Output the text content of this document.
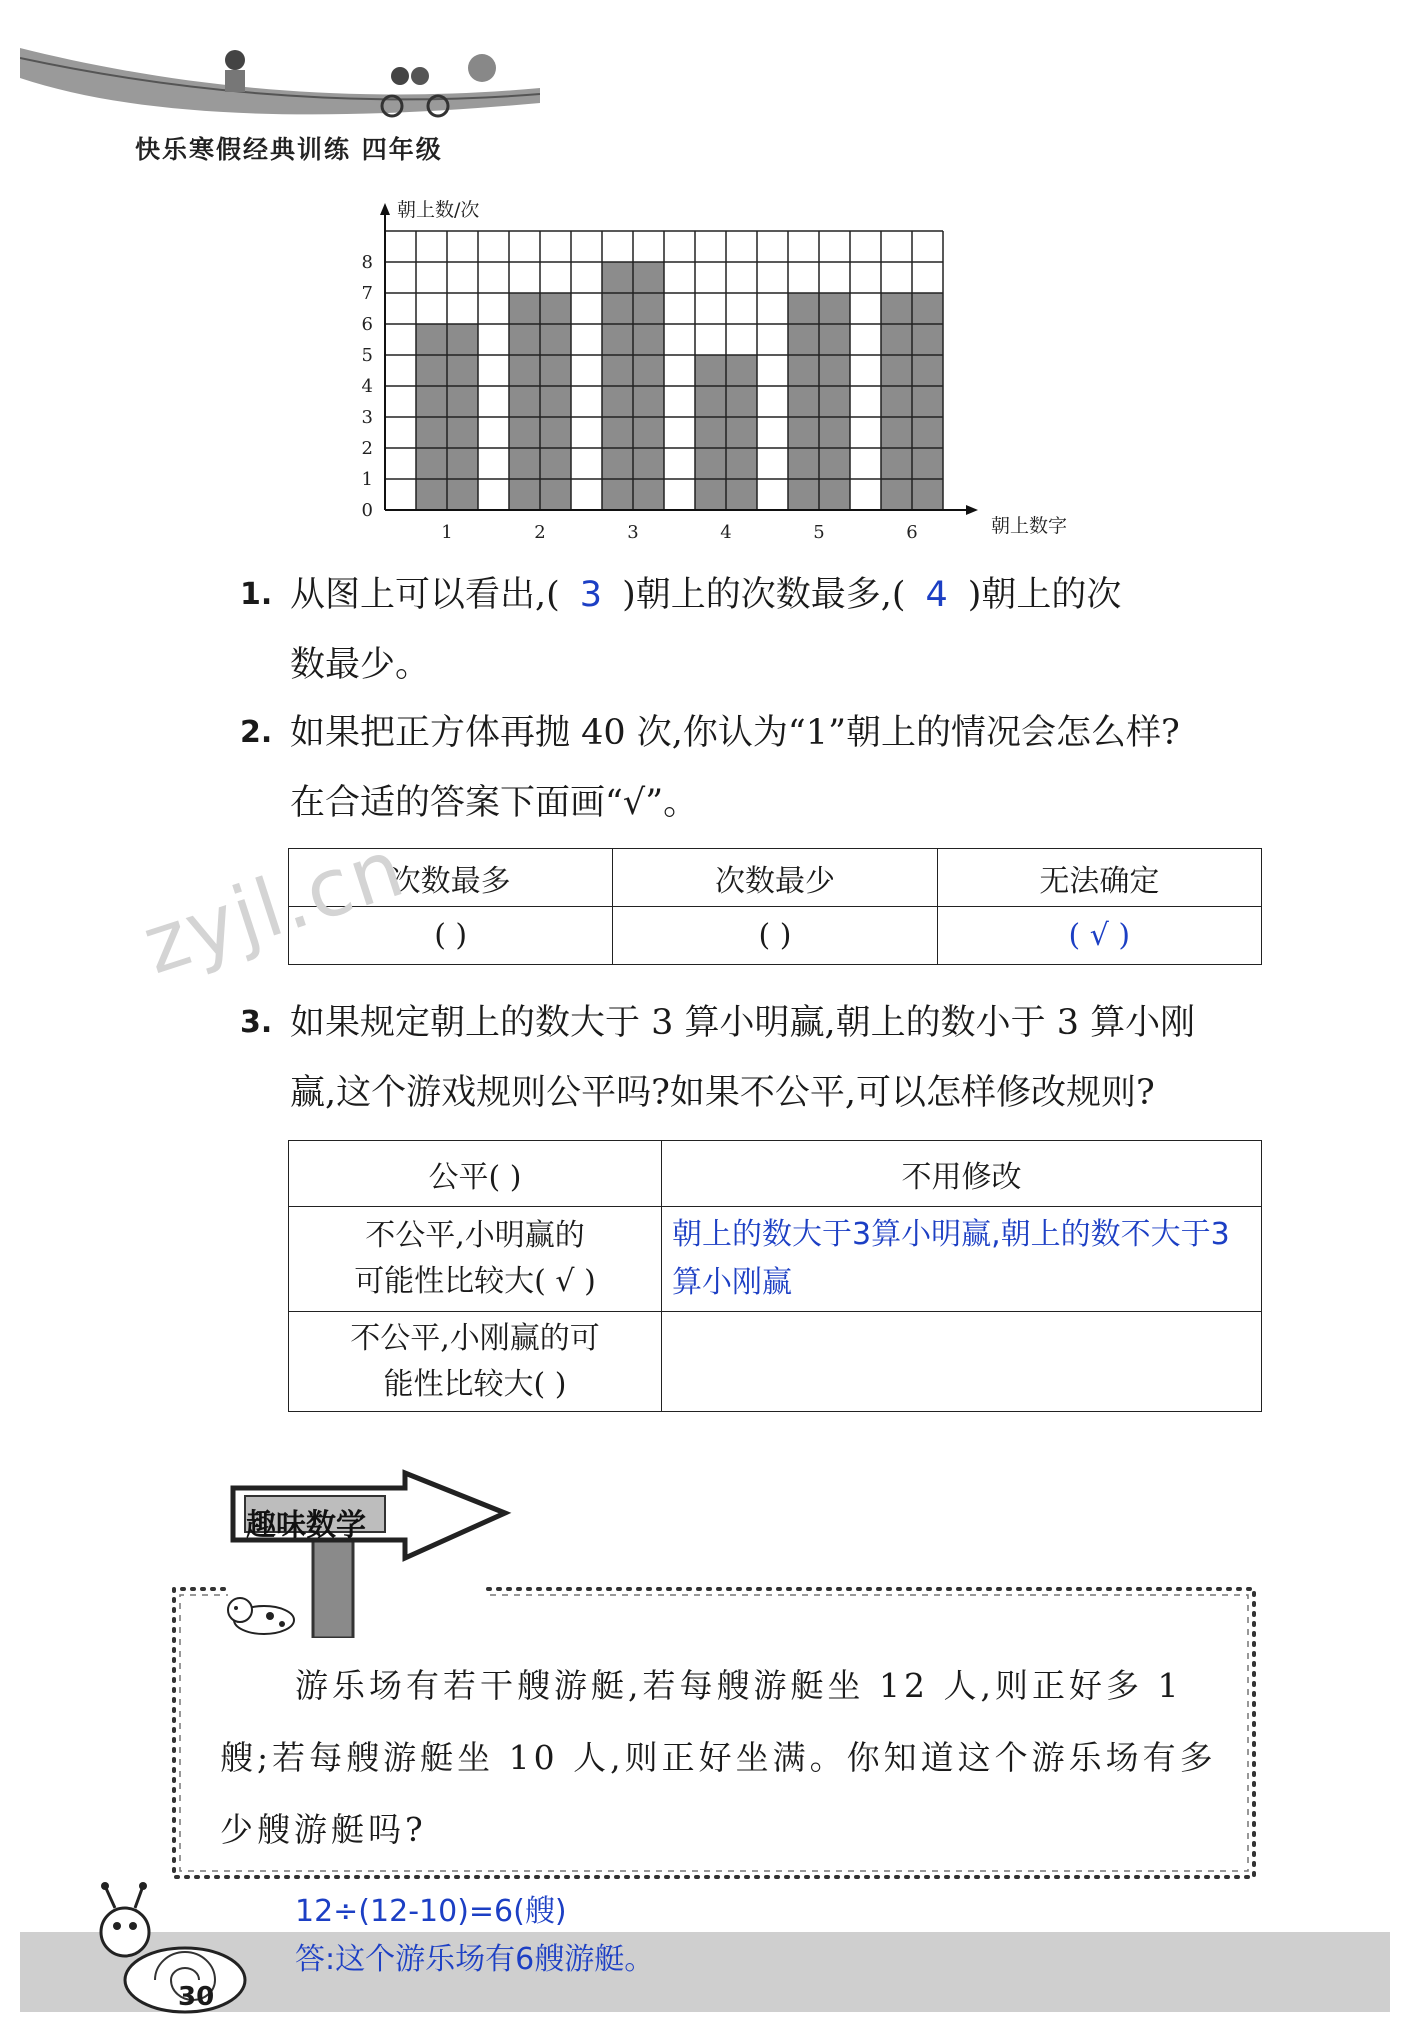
快乐寒假经典训练 四年级
0
1
2
3
4
5
6
7
8
1	2	3	4	5	6
朝上数/次
朝上数字
1. 从图上可以看出,( 3 )朝上的次数最多,( 4 )朝上的次
数最少。
2. 如果把正方体再抛 40 次,你认为“1”朝上的情况会怎么样?
在合适的答案下面画“√”。
次数最多	次数最少	无法确定
( )	( )	( √ )
3. 如果规定朝上的数大于 3 算小明赢,朝上的数小于 3 算小刚
赢,这个游戏规则公平吗?如果不公平,可以怎样修改规则?
公平( )	不用修改
不公平,小明赢的
可能性比较大( √ )	朝上的数大于3算小明赢,朝上的数不大于3算小刚赢
不公平,小刚赢的可
能性比较大( )	
zyjl.cn
趣味数学
游乐场有若干艘游艇,若每艘游艇坐 12 人,则正好多 1 艘;若每艘游艇坐 10 人,则正好坐满。你知道这个游乐场有多少艘游艇吗?
30
12÷(12-10)=6(艘)
答:这个游乐场有6艘游艇。
